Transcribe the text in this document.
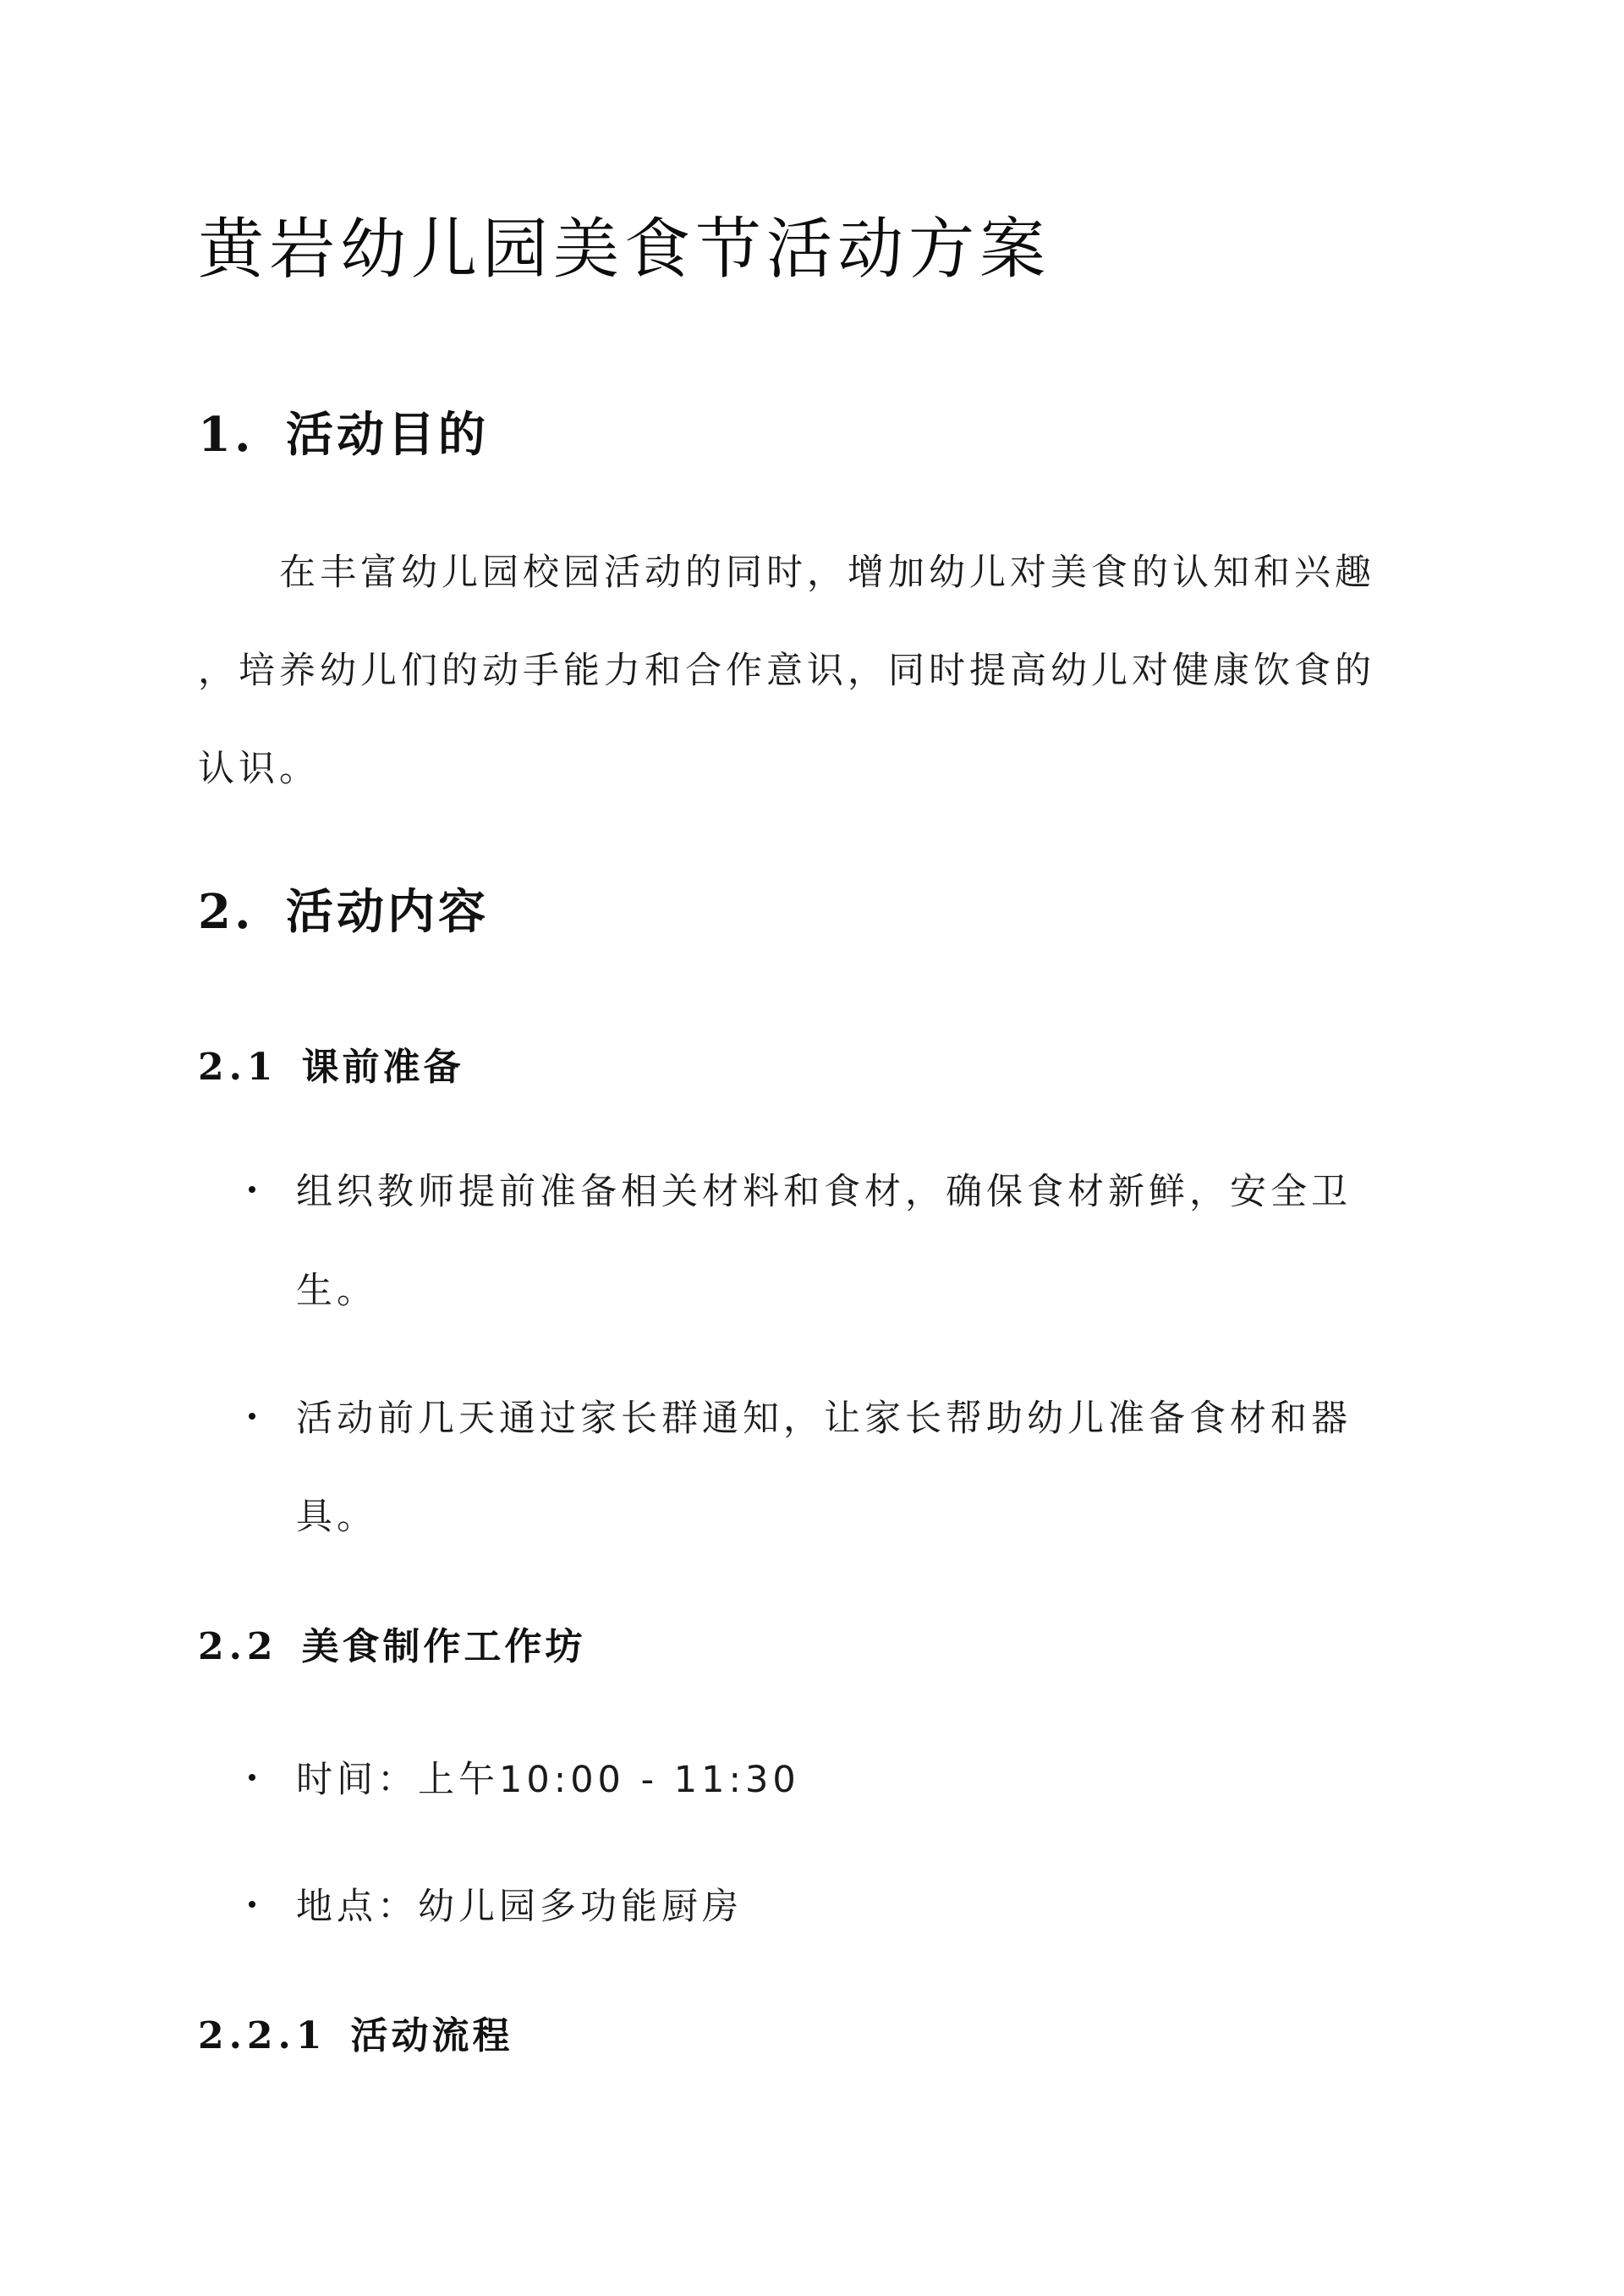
黄岩幼儿园美食节活动方案
1. 活动目的

在丰富幼儿园校园活动的同时，增加幼儿对美食的认知和兴趣

，培养幼儿们的动手能力和合作意识，同时提高幼儿对健康饮食的

认识。

2. 活动内容
2.1 课前准备
组织教师提前准备相关材料和食材，确保食材新鲜，安全卫
生。
活动前几天通过家长群通知，让家长帮助幼儿准备食材和器
具。
2.2 美食制作工作坊
时间：上午10:00 - 11:30
地点：幼儿园多功能厨房
2.2.1 活动流程
